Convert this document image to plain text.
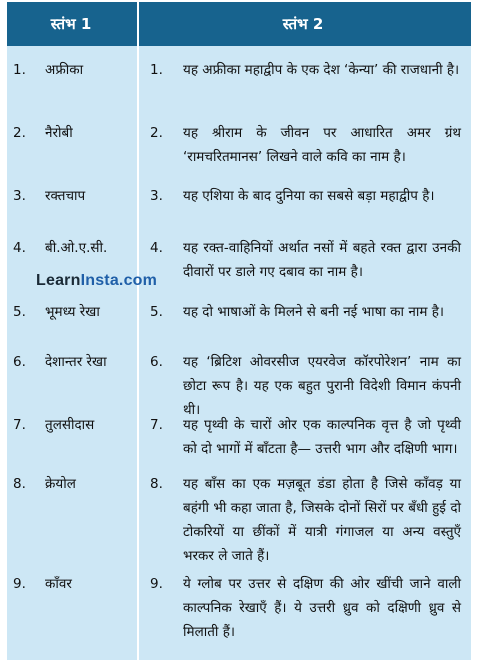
स्तंभ 1	स्तंभ 2
1. अफ्रीका	1. यह अफ्रीका महाद्वीप के एक देश ‘केन्या’ की राजधानी है।
2. नैरोबी	2. यह श्रीराम के जीवन पर आधारित अमर ग्रंथ ‘रामचरितमानस’ लिखने वाले कवि का नाम है।
3. रक्तचाप	3. यह एशिया के बाद दुनिया का सबसे बड़ा महाद्वीप है।
4. बी.ओ.ए.सी.	4. यह रक्त-वाहिनियों अर्थात नसों में बहते रक्त द्वारा उनकी दीवारों पर डाले गए दबाव का नाम है।
5. भूमध्य रेखा	5. यह दो भाषाओं के मिलने से बनी नई भाषा का नाम है।
6. देशान्तर रेखा	6. यह ‘ब्रिटिश ओवरसीज एयरवेज कॉरपोरेशन’ नाम का छोटा रूप है। यह एक बहुत पुरानी विदेशी विमान कंपनी थी।
7. तुलसीदास	7. यह पृथ्वी के चारों ओर एक काल्पनिक वृत्त है जो पृथ्वी को दो भागों में बाँटता है— उत्तरी भाग और दक्षिणी भाग।
8. क्रेयोल	8. यह बाँस का एक मज़बूत डंडा होता है जिसे काँवड़ या बहंगी भी कहा जाता है, जिसके दोनों सिरों पर बँधी हुई दो टोकरियों या छींकों में यात्री गंगाजल या अन्य वस्तुएँ भरकर ले जाते हैं।
9. काँवर	9. ये ग्लोब पर उत्तर से दक्षिण की ओर खींची जाने वाली काल्पनिक रेखाएँ हैं। ये उत्तरी ध्रुव को दक्षिणी ध्रुव से मिलाती हैं।
LearnInsta.com
